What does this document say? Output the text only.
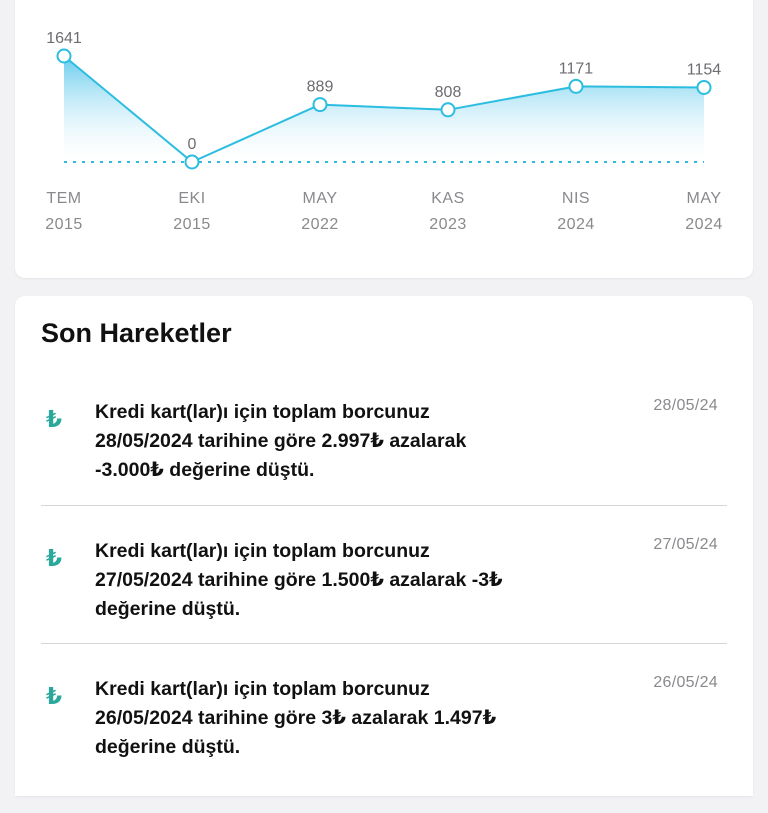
1641
0
889	808
1171	1154
TEM
2015
EKI
2015
MAY
2022
KAS
2023
NIS
2024
MAY
2024
Son Hareketler
₺ Kredi kart(lar)ı için toplam borcunuz
28/05/2024 tarihine göre 2.997₺ azalarak
-3.000₺ değerine düştü.
28/05/24
₺ Kredi kart(lar)ı için toplam borcunuz
27/05/2024 tarihine göre 1.500₺ azalarak -3₺
değerine düştü.
27/05/24
₺ Kredi kart(lar)ı için toplam borcunuz
26/05/2024 tarihine göre 3₺ azalarak 1.497₺
değerine düştü.
26/05/24
